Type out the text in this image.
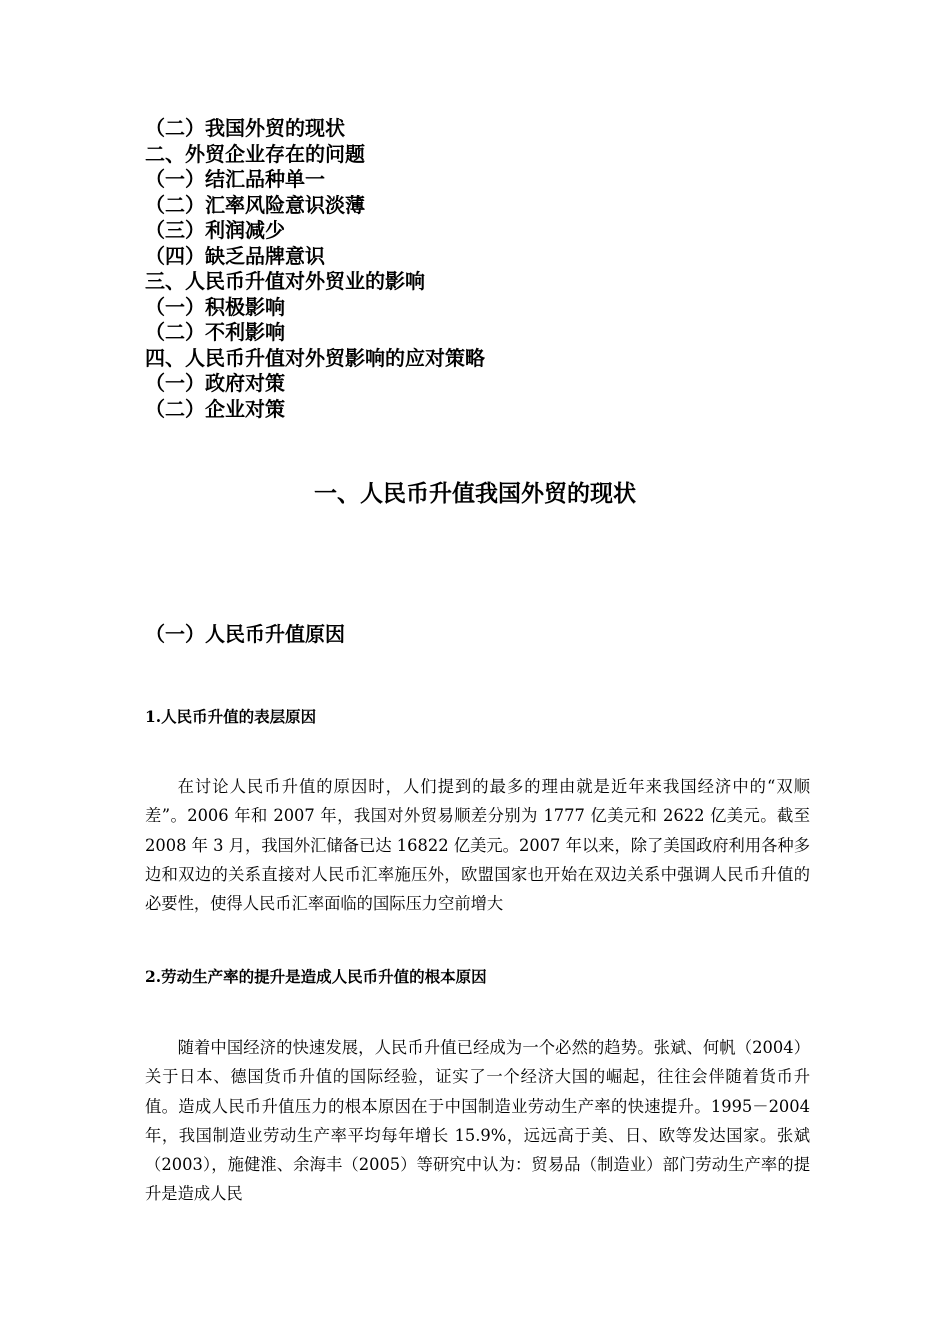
（二）我国外贸的现状
二、外贸企业存在的问题
（一）结汇品种单一
（二）汇率风险意识淡薄
（三）利润减少
（四）缺乏品牌意识
三、人民币升值对外贸业的影响
（一）积极影响
（二）不利影响
四、人民币升值对外贸影响的应对策略
（一）政府对策
（二）企业对策
一、人民币升值我国外贸的现状
（一）人民币升值原因
1.人民币升值的表层原因

在讨论人民币升值的原因时，人们提到的最多的理由就是近年来我国经济中的“双顺差”。2006 年和 2007 年，我国对外贸易顺差分别为 1777 亿美元和 2622 亿美元。截至 2008 年 3 月，我国外汇储备已达 16822 亿美元。2007 年以来，除了美国政府利用各种多边和双边的关系直接对人民币汇率施压外，欧盟国家也开始在双边关系中强调人民币升值的必要性，使得人民币汇率面临的国际压力空前增大

2.劳动生产率的提升是造成人民币升值的根本原因

随着中国经济的快速发展，人民币升值已经成为一个必然的趋势。张斌、何帆（2004）关于日本、德国货币升值的国际经验，证实了一个经济大国的崛起，往往会伴随着货币升值。造成人民币升值压力的根本原因在于中国制造业劳动生产率的快速提升。1995－2004 年，我国制造业劳动生产率平均每年增长 15.9%，远远高于美、日、欧等发达国家。张斌（2003），施健淮、余海丰（2005）等研究中认为：贸易品（制造业）部门劳动生产率的提升是造成人民
